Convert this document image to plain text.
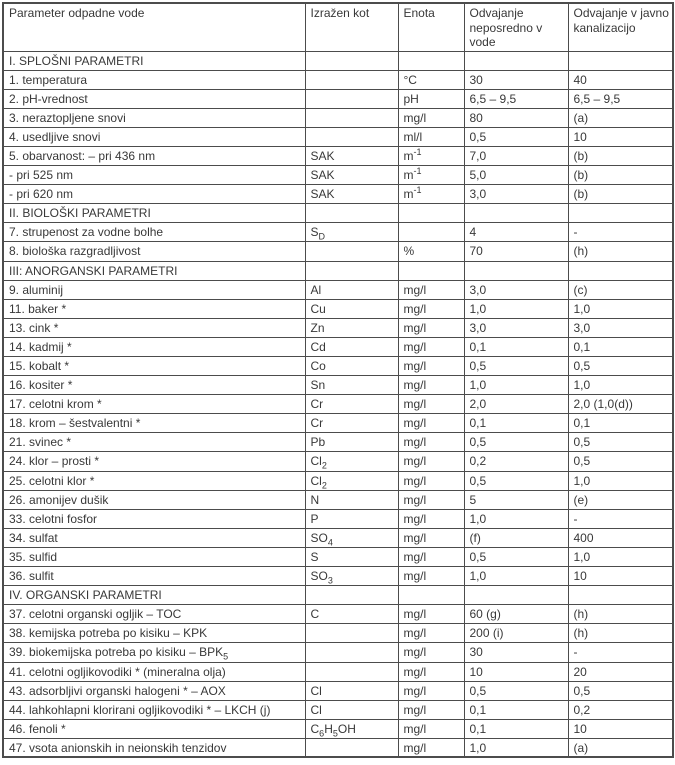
Parameter odpadne vode	Izražen kot	Enota	Odvajanje neposredno v vode	Odvajanje v javno kanalizacijo
I. SPLOŠNI PARAMETRI				
1. temperatura		°C	30	40
2. pH-vrednost		pH	6,5 – 9,5	6,5 – 9,5
3. neraztopljene snovi		mg/l	80	(a)
4. usedljive snovi		ml/l	0,5	10
5. obarvanost: – pri 436 nm	SAK	$m^{-1}$	7,0	(b)
- pri 525 nm	SAK	$m^{-1}$	5,0	(b)
- pri 620 nm	SAK	$m^{-1}$	3,0	(b)
II. BIOLOŠKI PARAMETRI				
7. strupenost za vodne bolhe	$S_D$		4	-
8. biološka razgradljivost		%	70	(h)
III: ANORGANSKI PARAMETRI				
9. aluminij	Al	mg/l	3,0	(c)
11. baker *	Cu	mg/l	1,0	1,0
13. cink *	Zn	mg/l	3,0	3,0
14. kadmij *	Cd	mg/l	0,1	0,1
15. kobalt *	Co	mg/l	0,5	0,5
16. kositer *	Sn	mg/l	1,0	1,0
17. celotni krom *	Cr	mg/l	2,0	2,0 (1,0(d))
18. krom – šestvalentni *	Cr	mg/l	0,1	0,1
21. svinec *	Pb	mg/l	0,5	0,5
24. klor – prosti *	$Cl_2$	mg/l	0,2	0,5
25. celotni klor *	$Cl_2$	mg/l	0,5	1,0
26. amonijev dušik	N	mg/l	5	(e)
33. celotni fosfor	P	mg/l	1,0	-
34. sulfat	$SO_4$	mg/l	(f)	400
35. sulfid	S	mg/l	0,5	1,0
36. sulfit	$SO_3$	mg/l	1,0	10
IV. ORGANSKI PARAMETRI				
37. celotni organski ogljik – TOC	C	mg/l	60 (g)	(h)
38. kemijska potreba po kisiku – KPK		mg/l	200 (i)	(h)
39. biokemijska potreba po kisiku – $BPK_5$		mg/l	30	-
41. celotni ogljikovodiki * (mineralna olja)		mg/l	10	20
43. adsorbljivi organski halogeni * – AOX	Cl	mg/l	0,5	0,5
44. lahkohlapni klorirani ogljikovodiki * – LKCH (j)	Cl	mg/l	0,1	0,2
46. fenoli *	$C_6H_5OH$	mg/l	0,1	10
47. vsota anionskih in neionskih tenzidov		mg/l	1,0	(a)
